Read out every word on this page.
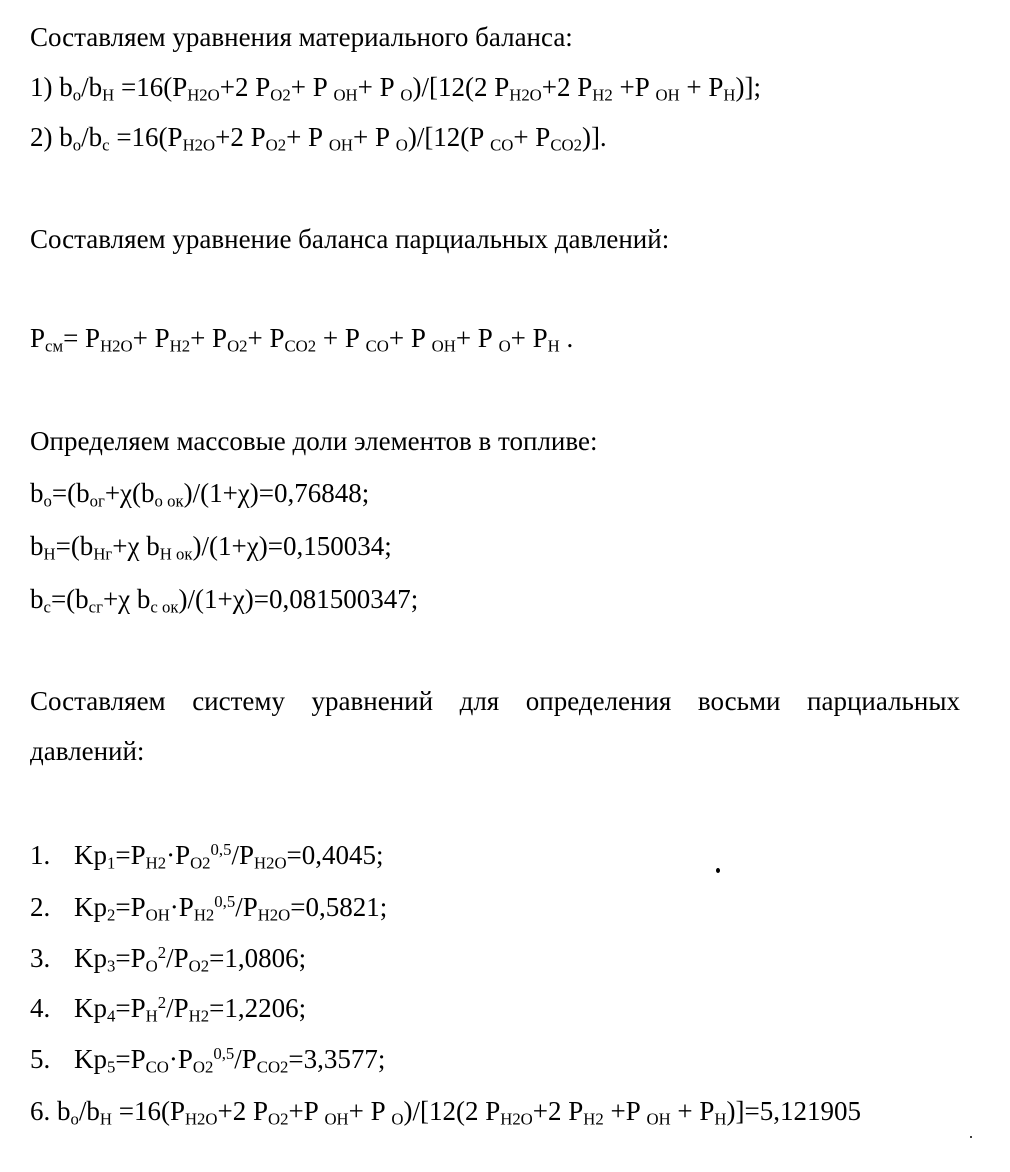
Составляем уравнения материального баланса:
1) $b_o/b_H =16(P_{H2O}+2$ $P_{O2}+ P$ $_{OH}$+ P $_O$)/[12(2 $P_{H2O}+2$ $P_{H2} +P$ $_{OH} + P_H$)];
2) $b_o/b_c =16(P_{H2O}+2$ $P_{O2}+ P$ $_{OH}$+ P $_O$)/[12(P $_{CO}+ P_{CO2}$)].
Составляем уравнение баланса парциальных давлений:
$P_{см}= P_{H2O}+ P_{H2}+ P_{O2}+ P_{CO2} + P$ $_{CO}$+ P $_{OH}$+ P $_O+ P_H$ .
Определяем массовые доли элементов в топливе:
$b_o=(b_{oг}+\chi(b_{o ок})/(1+\chi)=0,76848$;
$b_H=(b_{Hг}+\chi$ $b_{H ок})/(1+\chi)=0,150034$;
$b_c=(b_{cг}+\chi$ $b_{c ок})/(1+\chi)=0,081500347$;
Составляем системy уравнений для определения восьми парциальных
давлений:
1. $Kp_1=P_{H2}\cdot P_{O2}^{0,5}/P_{H2O}=0,4045$;
2. $Kp_2=P_{OH}\cdot P_{H2}^{0,5}/P_{H2O}=0,5821$;
3. $Kp_3=P_O^2/P_{O2}=1,0806$;
4. $Kp_4=P_H^2/P_{H2}=1,2206$;
5. $Kp_5=P_{CO}\cdot P_{O2}^{0,5}/P_{CO2}=3,3577$;
6. $b_o/b_H =16(P_{H2O}+2$ $P_{O2}+P$ $_{OH}$+ P $_O$)/[12(2 $P_{H2O}+2$ $P_{H2} +P$ $_{OH} + P_H)]=5,121905$
